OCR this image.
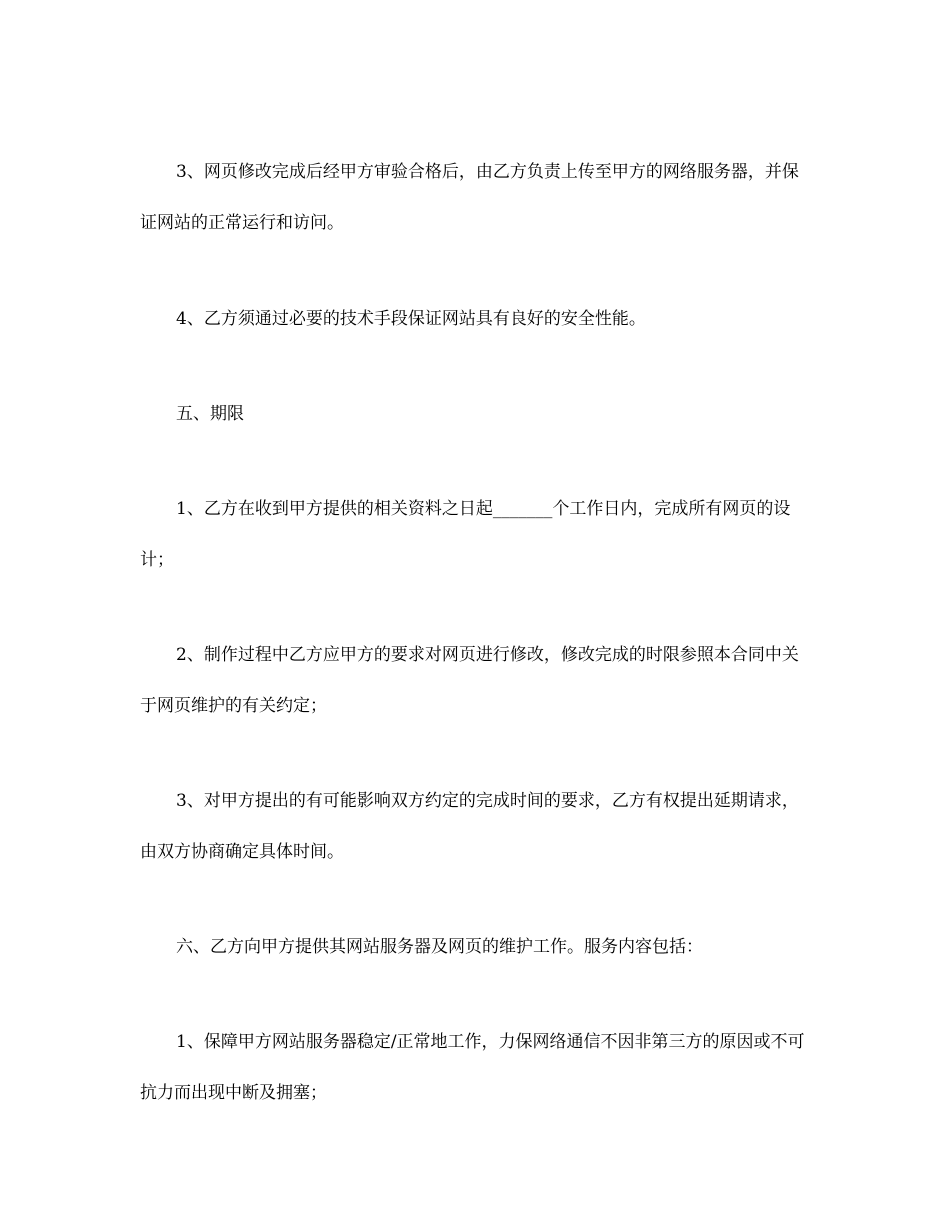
3、网页修改完成后经甲方审验合格后，由乙方负责上传至甲方的网络服务器，并保证网站的正常运行和访问。

4、乙方须通过必要的技术手段保证网站具有良好的安全性能。

五、期限

1、乙方在收到甲方提供的相关资料之日起_______个工作日内，完成所有网页的设计；

2、制作过程中乙方应甲方的要求对网页进行修改，修改完成的时限参照本合同中关于网页维护的有关约定；

3、对甲方提出的有可能影响双方约定的完成时间的要求，乙方有权提出延期请求，由双方协商确定具体时间。

六、乙方向甲方提供其网站服务器及网页的维护工作。服务内容包括：

1、保障甲方网站服务器稳定/正常地工作，力保网络通信不因非第三方的原因或不可抗力而出现中断及拥塞；
